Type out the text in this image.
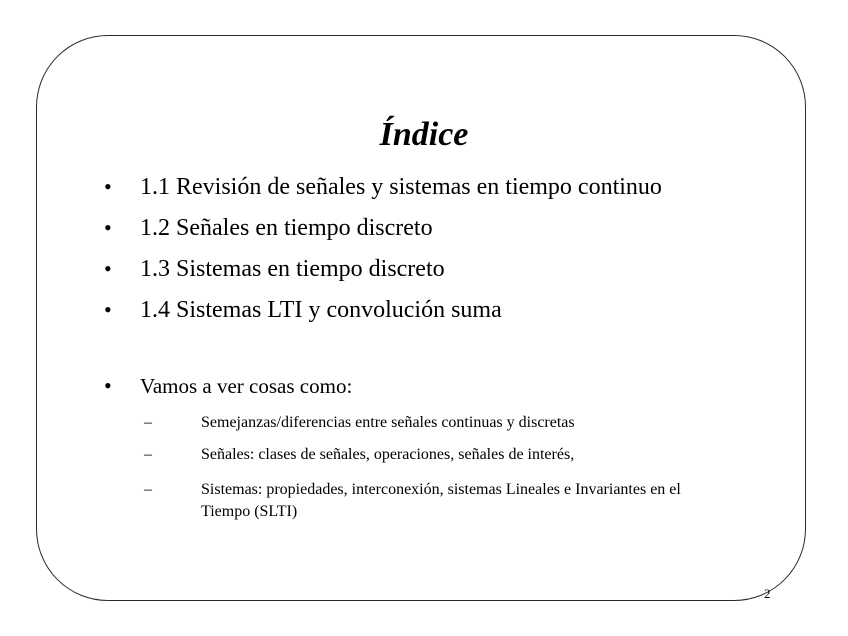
Índice
• 1.1 Revisión de señales y sistemas en tiempo continuo
• 1.2 Señales en tiempo discreto
• 1.3 Sistemas en tiempo discreto
• 1.4 Sistemas LTI y convolución suma
• Vamos a ver cosas como:
–	Semejanzas/diferencias entre señales continuas y discretas
–	Señales: clases de señales, operaciones, señales de interés,
–	Sistemas: propiedades, interconexión, sistemas Lineales e Invariantes en el Tiempo (SLTI)
2
